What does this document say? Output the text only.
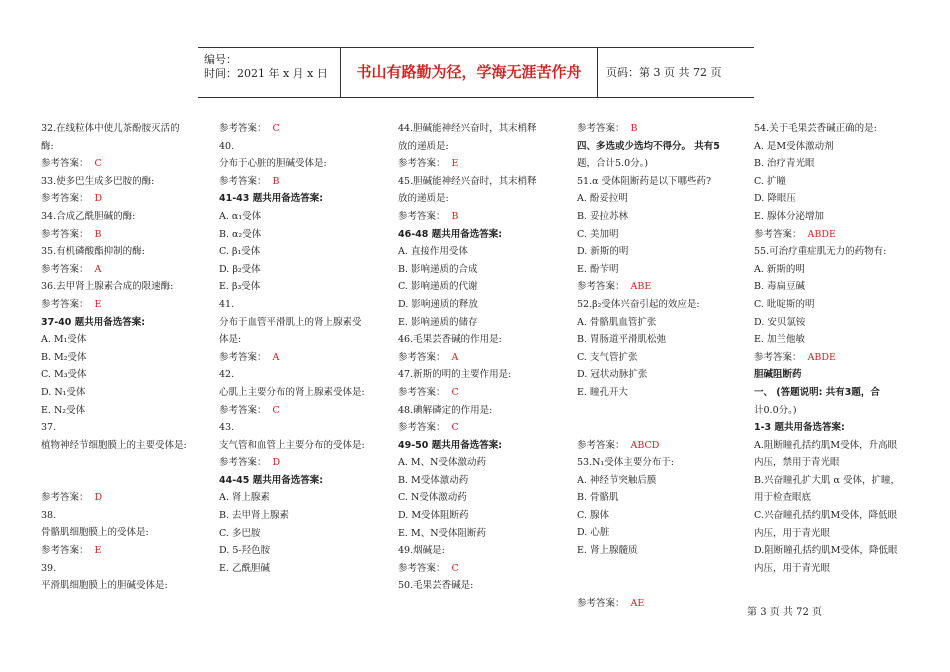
编号：
时间：2021 年 x 月 x 日	书山有路勤为径，学海无涯苦作舟	页码：第 3 页 共 72 页
32.在线粒体中使儿茶酚胺灭活的
酶:
参考答案： C
33.使多巴生成多巴胺的酶:
参考答案： D
34.合成乙酰胆碱的酶:
参考答案： B
35.有机磷酸酯抑制的酶:
参考答案： A
36.去甲肾上腺素合成的限速酶:
参考答案： E
37-40 题共用备选答案:
A. M₁受体
B. M₂受体
C. M₃受体
D. N₁受体
E. N₂受体
37.
植物神经节细胞膜上的主要受体是:
参考答案： D
38.
骨骼肌细胞膜上的受体是:
参考答案： E
39.
平滑肌细胞膜上的胆碱受体是:
参考答案： C
40.
分布于心脏的胆碱受体是:
参考答案： B
41-43 题共用备选答案:
A. α₁受体
B. α₂受体
C. β₁受体
D. β₂受体
E. β₃受体
41.
分布于血管平滑肌上的肾上腺素受
体是:
参考答案： A
42.
心肌上主要分布的肾上腺素受体是:
参考答案： C
43.
支气管和血管上主要分布的受体是:
参考答案： D
44-45 题共用备选答案:
A. 肾上腺素
B. 去甲肾上腺素
C. 多巴胺
D. 5-羟色胺
E. 乙酰胆碱
44.胆碱能神经兴奋时，其末梢释
放的递质是:
参考答案： E
45.胆碱能神经兴奋时，其末梢释
放的递质是:
参考答案： B
46-48 题共用备选答案:
A. 直接作用受体
B. 影响递质的合成
C. 影响递质的代谢
D. 影响递质的释放
E. 影响递质的储存
46.毛果芸香碱的作用是:
参考答案： A
47.新斯的明的主要作用是:
参考答案： C
48.碘解磷定的作用是:
参考答案： C
49-50 题共用备选答案:
A. M、N受体激动药
B. M受体激动药
C. N受体激动药
D. M受体阻断药
E. M、N受体阻断药
49.烟碱是:
参考答案： C
50.毛果芸香碱是:
参考答案： B
四、多选或少选均不得分。 共有5
题，合计5.0分。)
51.α 受体阻断药是以下哪些药?
A. 酚妥拉明
B. 妥拉苏林
C. 美加明
D. 新斯的明
E. 酚苄明
参考答案： ABE
52.β₂受体兴奋引起的效应是:
A. 骨骼肌血管扩张
B. 胃肠道平滑肌松弛
C. 支气管扩张
D. 冠状动脉扩张
E. 瞳孔开大
参考答案： ABCD
53.N₁受体主要分布于:
A. 神经节突触后膜
B. 骨骼肌
C. 腺体
D. 心脏
E. 肾上腺髓质
参考答案： AE
54.关于毛果芸香碱正确的是:
A. 是M受体激动剂
B. 治疗青光眼
C. 扩瞳
D. 降眼压
E. 腺体分泌增加
参考答案： ABDE
55.可治疗重症肌无力的药物有:
A. 新斯的明
B. 毒扁豆碱
C. 吡啶斯的明
D. 安贝氯铵
E. 加兰他敏
参考答案： ABDE
胆碱阻断药
一、 (答题说明: 共有3题，合
计0.0分。)
1-3 题共用备选答案:
A.阻断瞳孔括约肌M受体，升高眼
内压，禁用于青光眼
B.兴奋瞳孔扩大肌 α 受体，扩瞳，
用于检查眼底
C.兴奋瞳孔括约肌M受体，降低眼
内压，用于青光眼
D.阻断瞳孔括约肌M受体，降低眼
内压，用于青光眼
第 3 页 共 72 页
